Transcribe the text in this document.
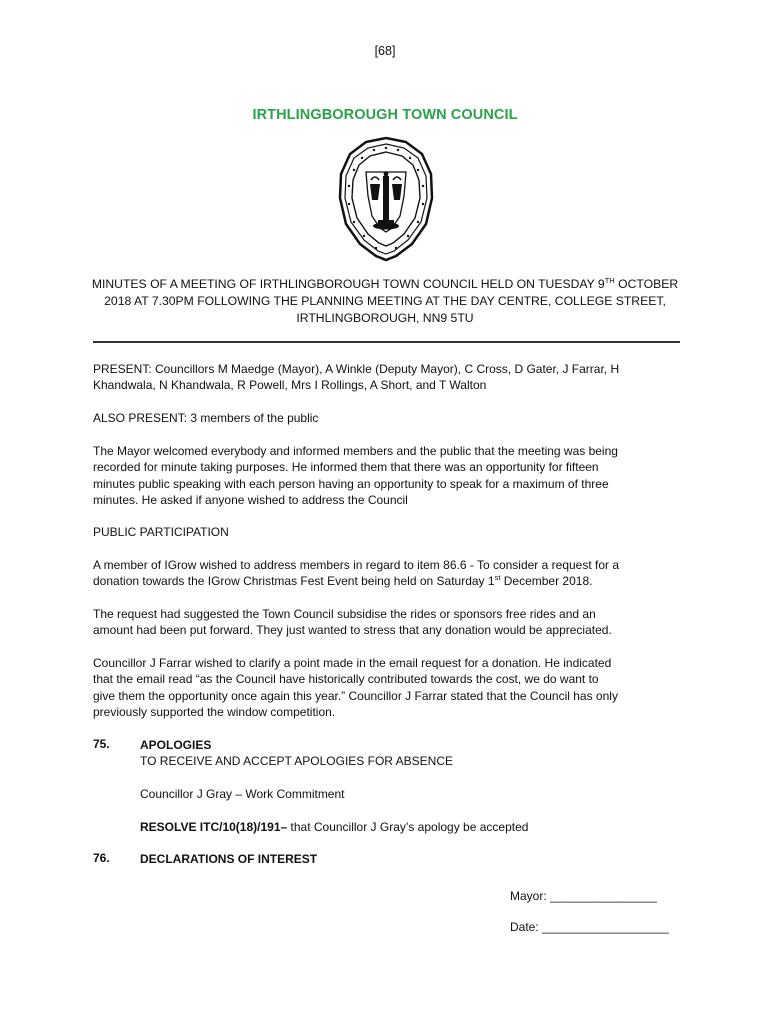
[68]
IRTHLINGBOROUGH TOWN COUNCIL
MINUTES OF A MEETING OF IRTHLINGBOROUGH TOWN COUNCIL HELD ON TUESDAY 9TH OCTOBER
2018 AT 7.30PM FOLLOWING THE PLANNING MEETING AT THE DAY CENTRE, COLLEGE STREET,
IRTHLINGBOROUGH, NN9 5TU

PRESENT: Councillors M Maedge (Mayor), A Winkle (Deputy Mayor), C Cross, D Gater, J Farrar, H

Khandwala, N Khandwala, R Powell, Mrs I Rollings, A Short, and T Walton

ALSO PRESENT: 3 members of the public

The Mayor welcomed everybody and informed members and the public that the meeting was being

recorded for minute taking purposes. He informed them that there was an opportunity for fifteen

minutes public speaking with each person having an opportunity to speak for a maximum of three

minutes. He asked if anyone wished to address the Council

PUBLIC PARTICIPATION

A member of IGrow wished to address members in regard to item 86.6 - To consider a request for a

donation towards the IGrow Christmas Fest Event being held on Saturday 1st December 2018.

The request had suggested the Town Council subsidise the rides or sponsors free rides and an

amount had been put forward. They just wanted to stress that any donation would be appreciated.

Councillor J Farrar wished to clarify a point made in the email request for a donation. He indicated

that the email read “as the Council have historically contributed towards the cost, we do want to

give them the opportunity once again this year.” Councillor J Farrar stated that the Council has only

previously supported the window competition.

75.	APOLOGIES
TO RECEIVE AND ACCEPT APOLOGIES FOR ABSENCE
Councillor J Gray – Work Commitment
RESOLVE ITC/10(18)/191– that Councillor J Gray’s apology be accepted
76.	DECLARATIONS OF INTEREST
Mayor: ________________
Date: ___________________
